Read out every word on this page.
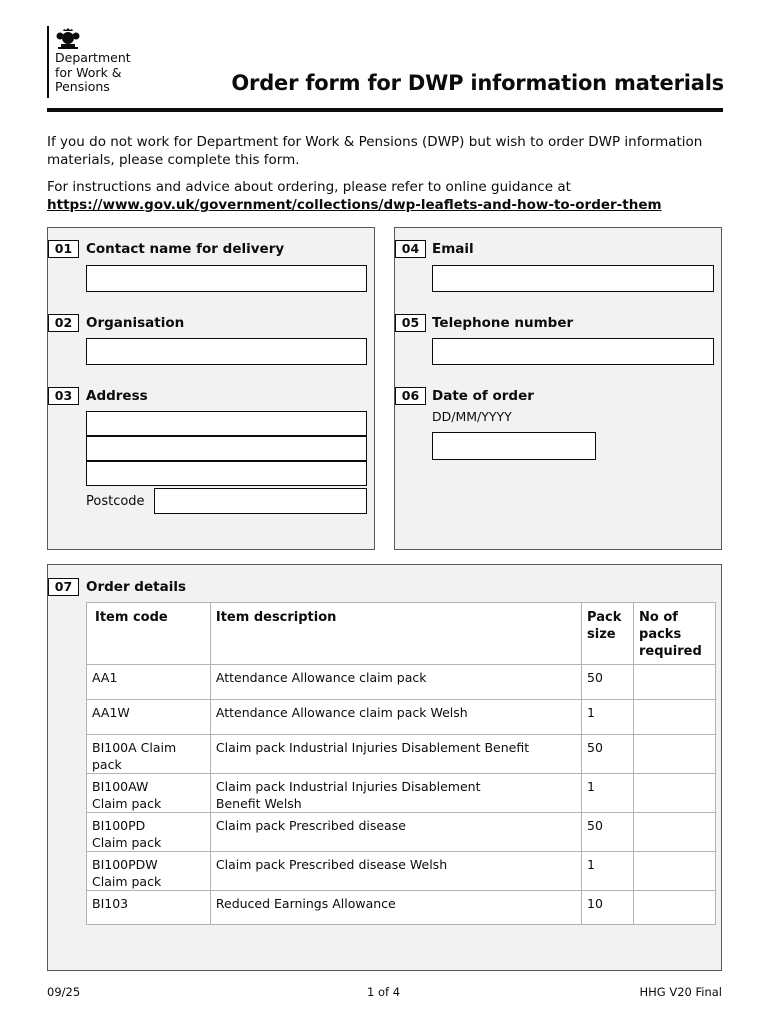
Department
for Work &
Pensions	Order form for DWP information materials

If you do not work for Department for Work & Pensions (DWP) but wish to order DWP information materials, please complete this form.

For instructions and advice about ordering, please refer to online guidance at

https://www.gov.uk/government/collections/dwp-leaflets-and-how-to-order-them

01	Contact name for delivery
02	Organisation
03	Address
Postcode
04 Email
05 Telephone number
06 Date of order
DD/MM/YYYY
07	Order details
Item code	Item description	Pack size	No of packs required
AA1	Attendance Allowance claim pack	50	
AA1W	Attendance Allowance claim pack Welsh	1	
BI100A Claim pack	Claim pack Industrial Injuries Disablement Benefit	50	
BI100AW Claim pack	Claim pack Industrial Injuries Disablement Benefit Welsh	1	
BI100PD Claim pack	Claim pack Prescribed disease	50	
BI100PDW Claim pack	Claim pack Prescribed disease Welsh	1	
BI103	Reduced Earnings Allowance	10	
09/25	1 of 4	HHG V20 Final
